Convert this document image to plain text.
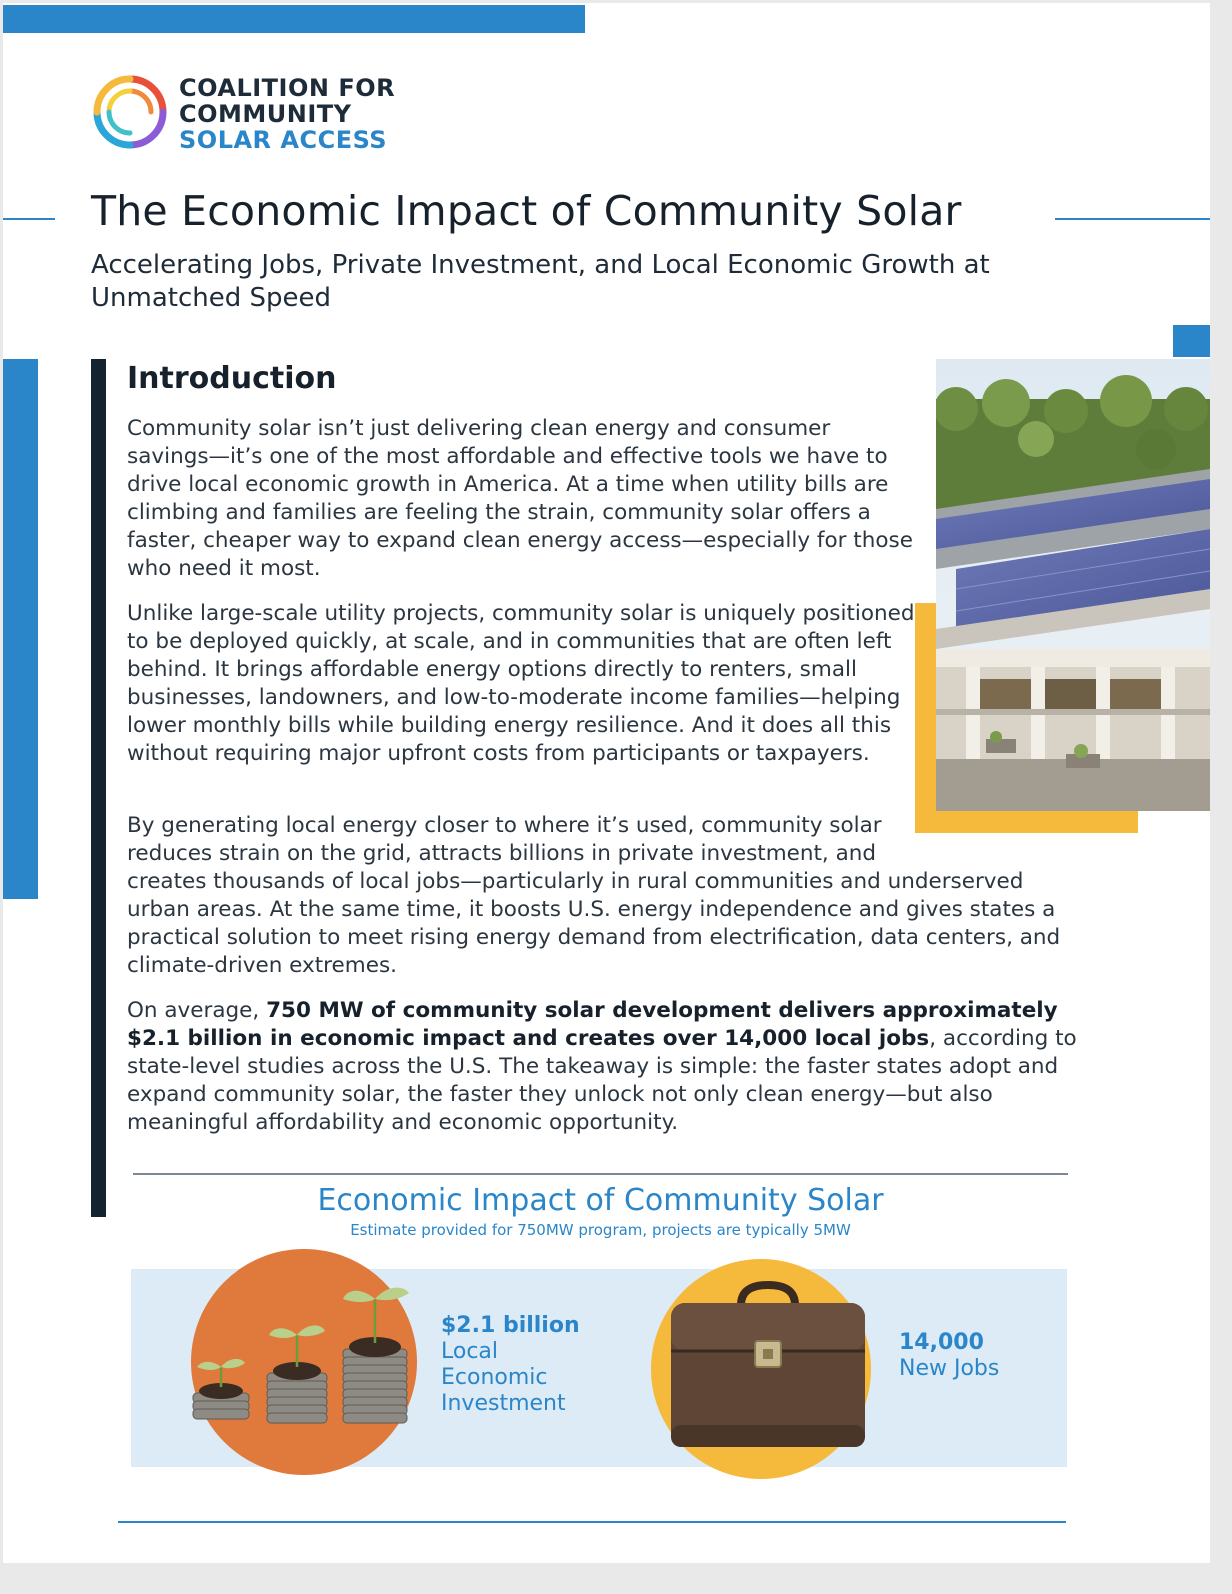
COALITION FOR
COMMUNITY
SOLAR ACCESS
The Economic Impact of Community Solar

Accelerating Jobs, Private Investment, and Local Economic Growth at Unmatched Speed

Introduction

Community solar isn’t just delivering clean energy and consumer savings—it’s one of the most affordable and effective tools we have to drive local economic growth in America. At a time when utility bills are climbing and families are feeling the strain, community solar offers a faster, cheaper way to expand clean energy access—especially for those who need it most.

Unlike large-scale utility projects, community solar is uniquely positioned to be deployed quickly, at scale, and in communities that are often left behind. It brings affordable energy options directly to renters, small businesses, landowners, and low-to-moderate income families—helping lower monthly bills while building energy resilience. And it does all this without requiring major upfront costs from participants or taxpayers.

By generating local energy closer to where it’s used, community solar reduces strain on the grid, attracts billions in private investment, and
creates thousands of local jobs—particularly in rural communities and underserved urban areas. At the same time, it boosts U.S. energy independence and gives states a practical solution to meet rising energy demand from electrification, data centers, and climate-driven extremes.

On average, 750 MW of community solar development delivers approximately $2.1 billion in economic impact and creates over 14,000 local jobs, according to state-level studies across the U.S. The takeaway is simple: the faster states adopt and expand community solar, the faster they unlock not only clean energy—but also meaningful affordability and economic opportunity.

Economic Impact of Community Solar

Estimate provided for 750MW program, projects are typically 5MW

$2.1 billion
Local
Economic
Investment

14,000
New Jobs
